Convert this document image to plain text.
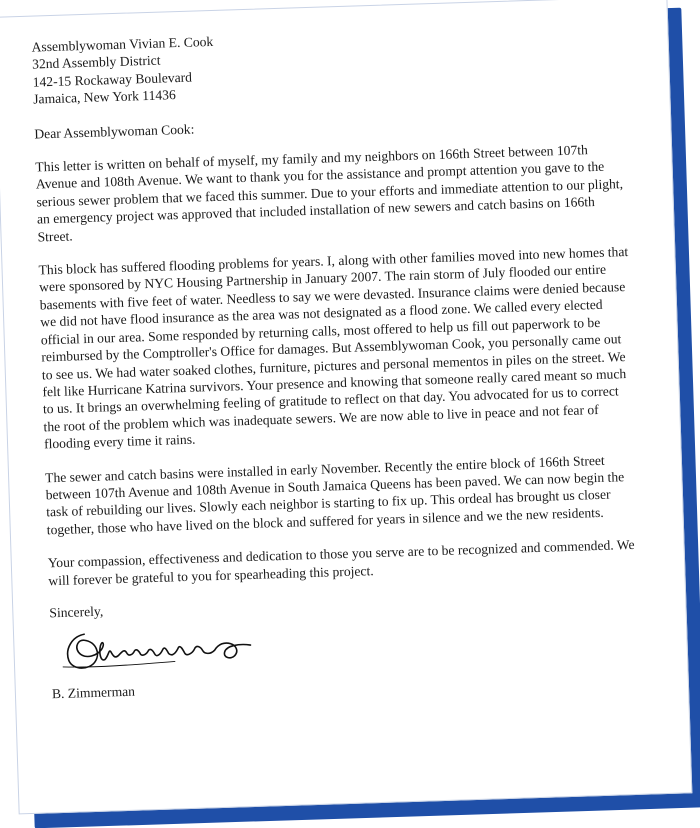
Assemblywoman Vivian E. Cook
32nd Assembly District
142-15 Rockaway Boulevard
Jamaica, New York 11436

Dear Assemblywoman Cook:

This letter is written on behalf of myself, my family and my neighbors on 166th Street between 107th Avenue and 108th Avenue. We want to thank you for the assistance and prompt attention you gave to the serious sewer problem that we faced this summer. Due to your efforts and immediate attention to our plight, an emergency project was approved that included installation of new sewers and catch basins on 166th Street.

This block has suffered flooding problems for years. I, along with other families moved into new homes that were sponsored by NYC Housing Partnership in January 2007. The rain storm of July flooded our entire basements with five feet of water. Needless to say we were devasted. Insurance claims were denied because we did not have flood insurance as the area was not designated as a flood zone. We called every elected official in our area. Some responded by returning calls, most offered to help us fill out paperwork to be reimbursed by the Comptroller's Office for damages. But Assemblywoman Cook, you personally came out to see us. We had water soaked clothes, furniture, pictures and personal mementos in piles on the street. We felt like Hurricane Katrina survivors. Your presence and knowing that someone really cared meant so much to us. It brings an overwhelming feeling of gratitude to reflect on that day. You advocated for us to correct the root of the problem which was inadequate sewers. We are now able to live in peace and not fear of flooding every time it rains.

The sewer and catch basins were installed in early November. Recently the entire block of 166th Street between 107th Avenue and 108th Avenue in South Jamaica Queens has been paved. We can now begin the task of rebuilding our lives. Slowly each neighbor is starting to fix up. This ordeal has brought us closer together, those who have lived on the block and suffered for years in silence and we the new residents.

Your compassion, effectiveness and dedication to those you serve are to be recognized and commended. We will forever be grateful to you for spearheading this project.

Sincerely,

B. Zimmerman
